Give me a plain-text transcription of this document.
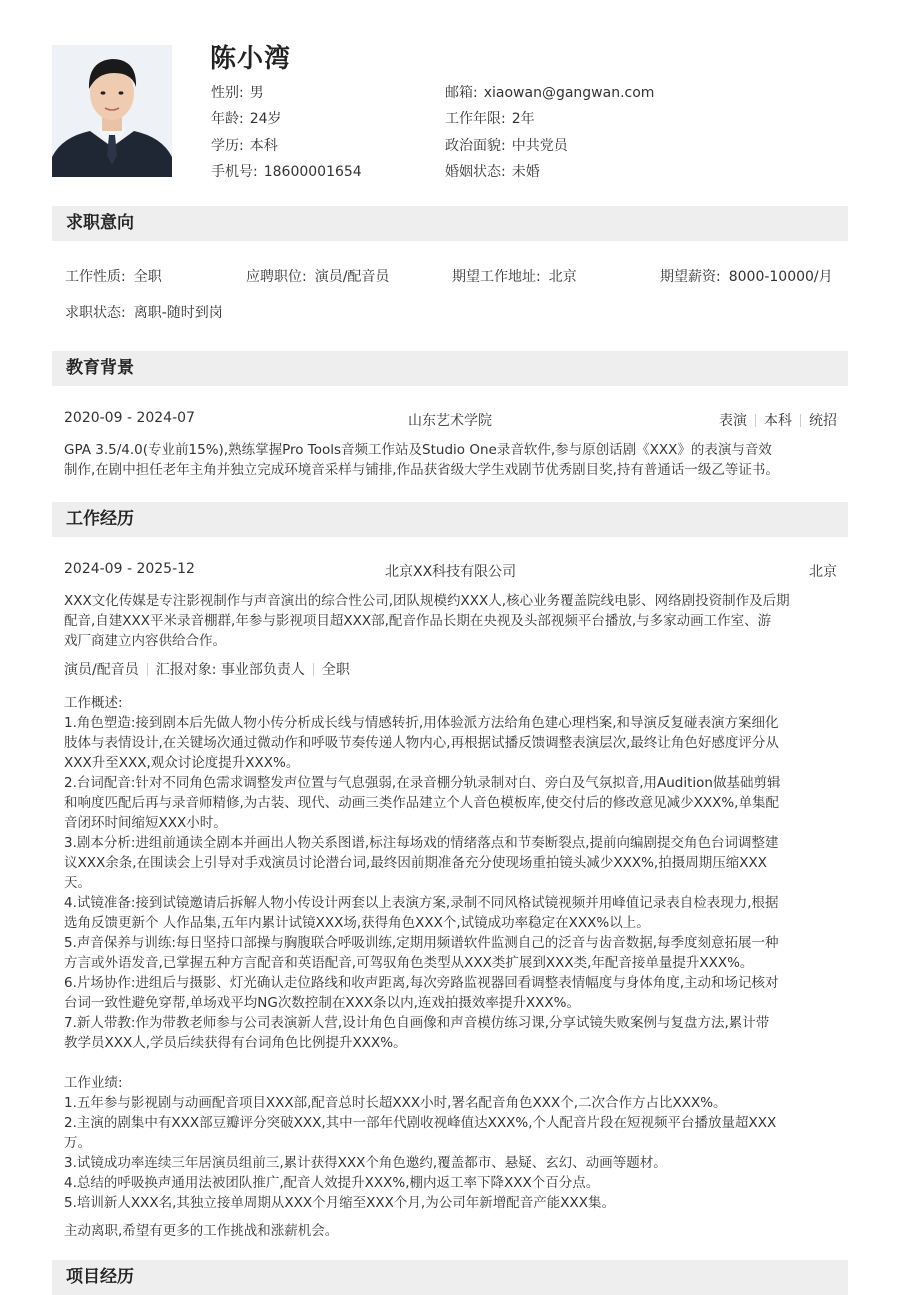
陈小湾
性别: 男	邮箱: xiaowan@gangwan.com
年龄: 24岁	工作年限: 2年
学历: 本科	政治面貌: 中共党员
手机号: 18600001654	婚姻状态: 未婚
求职意向
工作性质: 全职	应聘职位: 演员/配音员	期望工作地址: 北京	期望薪资: 8000-10000/月
求职状态: 离职-随时到岗
教育背景
2020-09 - 2024-07	山东艺术学院	表演 本科 统招
GPA 3.5/4.0(专业前15%),熟练掌握Pro Tools音频工作站及Studio One录音软件,参与原创话剧《XXX》的表演与音效
制作,在剧中担任老年主角并独立完成环境音采样与铺排,作品获省级大学生戏剧节优秀剧目奖,持有普通话一级乙等证书。
工作经历
2024-09 - 2025-12	北京XX科技有限公司	北京
XXX文化传媒是专注影视制作与声音演出的综合性公司,团队规模约XXX人,核心业务覆盖院线电影、网络剧投资制作及后期
配音,自建XXX平米录音棚群,年参与影视项目超XXX部,配音作品长期在央视及头部视频平台播放,与多家动画工作室、游
戏厂商建立内容供给合作。
演员/配音员 汇报对象: 事业部负责人 全职
工作概述:
1.角色塑造:接到剧本后先做人物小传分析成长线与情感转折,用体验派方法给角色建心理档案,和导演反复碰表演方案细化
肢体与表情设计,在关键场次通过微动作和呼吸节奏传递人物内心,再根据试播反馈调整表演层次,最终让角色好感度评分从
XXX升至XXX,观众讨论度提升XXX%。
2.台词配音:针对不同角色需求调整发声位置与气息强弱,在录音棚分轨录制对白、旁白及气氛拟音,用Audition做基础剪辑
和响度匹配后再与录音师精修,为古装、现代、动画三类作品建立个人音色模板库,使交付后的修改意见减少XXX%,单集配
音闭环时间缩短XXX小时。
3.剧本分析:进组前通读全剧本并画出人物关系图谱,标注每场戏的情绪落点和节奏断裂点,提前向编剧提交角色台词调整建
议XXX余条,在围读会上引导对手戏演员讨论潜台词,最终因前期准备充分使现场重拍镜头减少XXX%,拍摄周期压缩XXX
天。
4.试镜准备:接到试镜邀请后拆解人物小传设计两套以上表演方案,录制不同风格试镜视频并用峰值记录表自检表现力,根据
选角反馈更新个 人作品集,五年内累计试镜XXX场,获得角色XXX个,试镜成功率稳定在XXX%以上。
5.声音保养与训练:每日坚持口部操与胸腹联合呼吸训练,定期用频谱软件监测自己的泛音与齿音数据,每季度刻意拓展一种
方言或外语发音,已掌握五种方言配音和英语配音,可驾驭角色类型从XXX类扩展到XXX类,年配音接单量提升XXX%。
6.片场协作:进组后与摄影、灯光确认走位路线和收声距离,每次旁路监视器回看调整表情幅度与身体角度,主动和场记核对
台词一致性避免穿帮,单场戏平均NG次数控制在XXX条以内,连戏拍摄效率提升XXX%。
7.新人带教:作为带教老师参与公司表演新人营,设计角色自画像和声音模仿练习课,分享试镜失败案例与复盘方法,累计带
教学员XXX人,学员后续获得有台词角色比例提升XXX%。
工作业绩:
1.五年参与影视剧与动画配音项目XXX部,配音总时长超XXX小时,署名配音角色XXX个,二次合作方占比XXX%。
2.主演的剧集中有XXX部豆瓣评分突破XXX,其中一部年代剧收视峰值达XXX%,个人配音片段在短视频平台播放量超XXX
万。
3.试镜成功率连续三年居演员组前三,累计获得XXX个角色邀约,覆盖都市、悬疑、玄幻、动画等题材。
4.总结的呼吸换声通用法被团队推广,配音人效提升XXX%,棚内返工率下降XXX个百分点。
5.培训新人XXX名,其独立接单周期从XXX个月缩至XXX个月,为公司年新增配音产能XXX集。
主动离职,希望有更多的工作挑战和涨薪机会。
项目经历
